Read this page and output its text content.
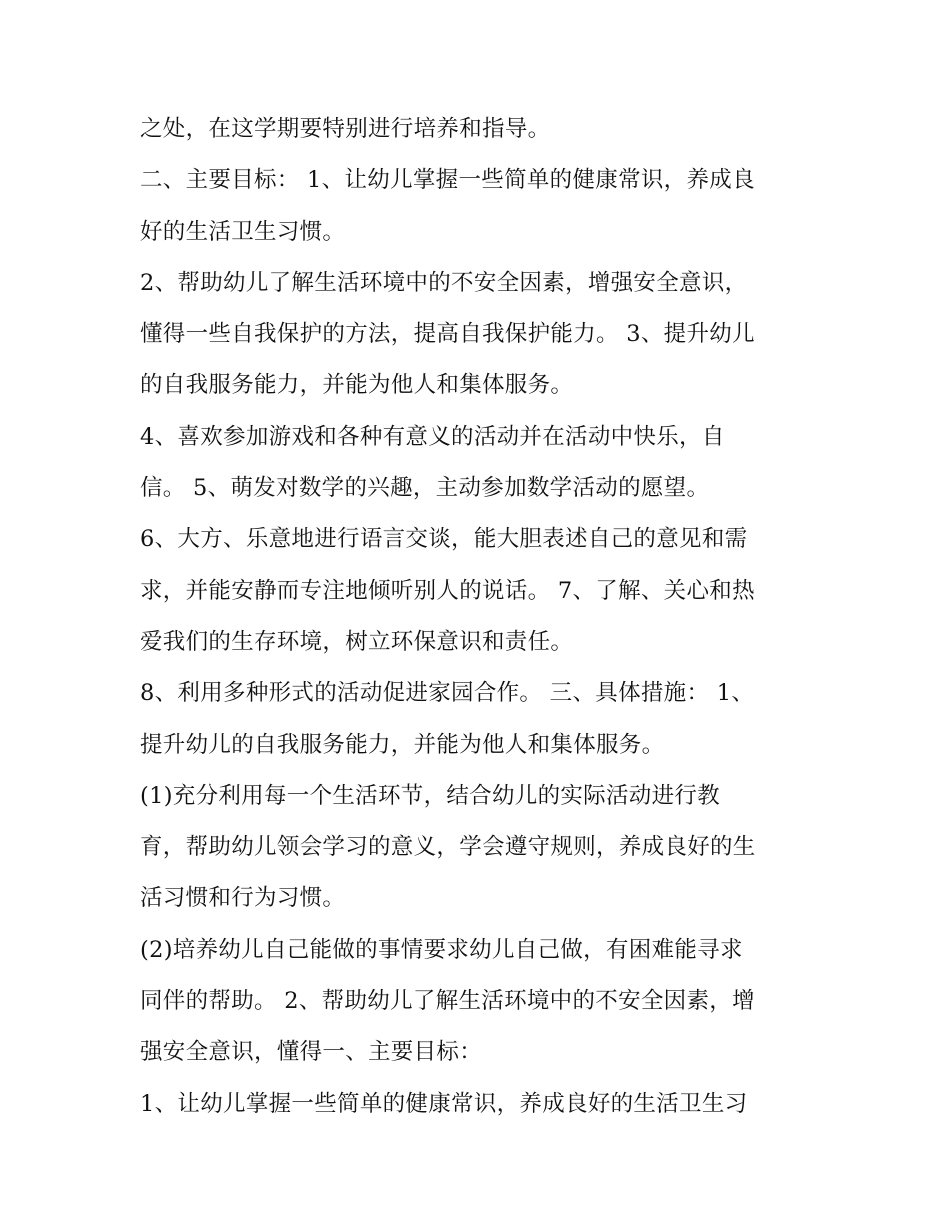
之处，在这学期要特别进行培养和指导。
二、主要目标： 1、让幼儿掌握一些简单的健康常识，养成良
好的生活卫生习惯。
2、帮助幼儿了解生活环境中的不安全因素，增强安全意识，
懂得一些自我保护的方法，提高自我保护能力。 3、提升幼儿
的自我服务能力，并能为他人和集体服务。
4、喜欢参加游戏和各种有意义的活动并在活动中快乐，自
信。 5、萌发对数学的兴趣，主动参加数学活动的愿望。
6、大方、乐意地进行语言交谈，能大胆表述自己的意见和需
求，并能安静而专注地倾听别人的说话。 7、了解、关心和热
爱我们的生存环境，树立环保意识和责任。
8、利用多种形式的活动促进家园合作。 三、具体措施： 1、
提升幼儿的自我服务能力，并能为他人和集体服务。
(1)充分利用每一个生活环节，结合幼儿的实际活动进行教
育，帮助幼儿领会学习的意义，学会遵守规则，养成良好的生
活习惯和行为习惯。
(2)培养幼儿自己能做的事情要求幼儿自己做，有困难能寻求
同伴的帮助。 2、帮助幼儿了解生活环境中的不安全因素，增
强安全意识，懂得一、主要目标：
1、让幼儿掌握一些简单的健康常识，养成良好的生活卫生习
